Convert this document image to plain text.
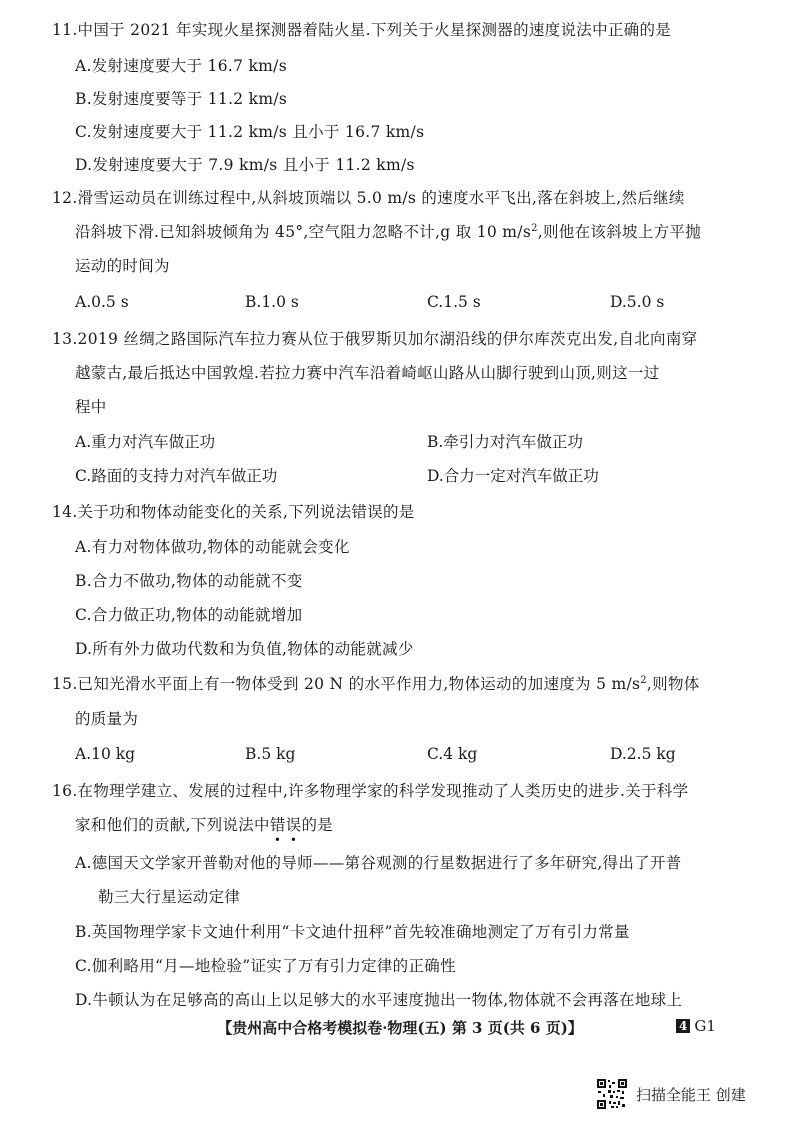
11.中国于 2021 年实现火星探测器着陆火星.下列关于火星探测器的速度说法中正确的是
A.发射速度要大于 16.7 km/s
B.发射速度要等于 11.2 km/s
C.发射速度要大于 11.2 km/s 且小于 16.7 km/s
D.发射速度要大于 7.9 km/s 且小于 11.2 km/s
12.滑雪运动员在训练过程中,从斜坡顶端以 5.0 m/s 的速度水平飞出,落在斜坡上,然后继续
沿斜坡下滑.已知斜坡倾角为 45°,空气阻力忽略不计,g 取 10 $m/s^2$,则他在该斜坡上方平抛
运动的时间为
A.0.5 s	B.1.0 s	C.1.5 s	D.5.0 s
13.2019 丝绸之路国际汽车拉力赛从位于俄罗斯贝加尔湖沿线的伊尔库茨克出发,自北向南穿
越蒙古,最后抵达中国敦煌.若拉力赛中汽车沿着崎岖山路从山脚行驶到山顶,则这一过
程中
A.重力对汽车做正功	B.牵引力对汽车做正功
C.路面的支持力对汽车做正功	D.合力一定对汽车做正功
14.关于功和物体动能变化的关系,下列说法错误的是
A.有力对物体做功,物体的动能就会变化
B.合力不做功,物体的动能就不变
C.合力做正功,物体的动能就增加
D.所有外力做功代数和为负值,物体的动能就减少
15.已知光滑水平面上有一物体受到 20 N 的水平作用力,物体运动的加速度为 5 $m/s^2$,则物体
的质量为
A.10 kg	B.5 kg	C.4 kg	D.2.5 kg
16.在物理学建立、发展的过程中,许多物理学家的科学发现推动了人类历史的进步.关于科学
家和他们的贡献,下列说法中错误
• •
的是
A.德国天文学家开普勒对他的导师——第谷观测的行星数据进行了多年研究,得出了开普
勒三大行星运动定律
B.英国物理学家卡文迪什利用“卡文迪什扭秤”首先较准确地测定了万有引力常量
C.伽利略用“月—地检验”证实了万有引力定律的正确性
D.牛顿认为在足够高的高山上以足够大的水平速度抛出一物体,物体就不会再落在地球上
【贵州高中合格考模拟卷·物理(五) 第 3 页(共 6 页)】	4 G1
扫描全能王 创建
